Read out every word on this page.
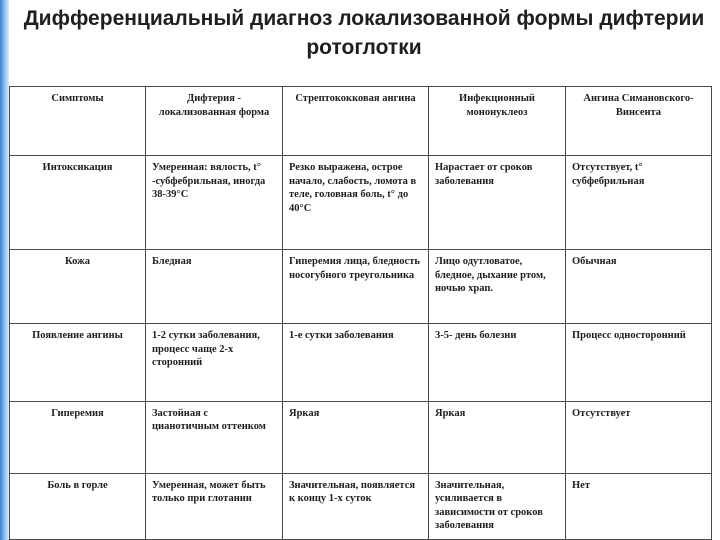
Дифференциальный диагноз локализованной формы дифтерии ротоглотки
Симптомы	Дифтерия - локализованная форма	Стрептококковая ангина	Инфекционный мононуклеоз	Ангина Симановского-Винсента
Интоксикация	Умеренная: вялость, t° -субфебрильная, иногда 38-39°С	Резко выражена, острое начало, слабость, ломота в теле, головная боль, t° до 40°С	Нарастает от сроков заболевания	Отсутствует, t° субфебрильная
Кожа	Бледная	Гиперемия лица, бледность носогубного треугольника	Лицо одутловатое, бледное, дыхание ртом, ночью храп.	Обычная
Появление ангины	1-2 сутки заболевания, процесс чаще 2-х сторонний	1-е сутки заболевания	3-5- день болезни	Процесс односторонний
Гиперемия	Застойная с цианотичным оттенком	Яркая	Яркая	Отсутствует
Боль в горле	Умеренная, может быть только при глотании	Значительная, появляется к концу 1-х суток	Значительная, усиливается в зависимости от сроков заболевания	Нет
